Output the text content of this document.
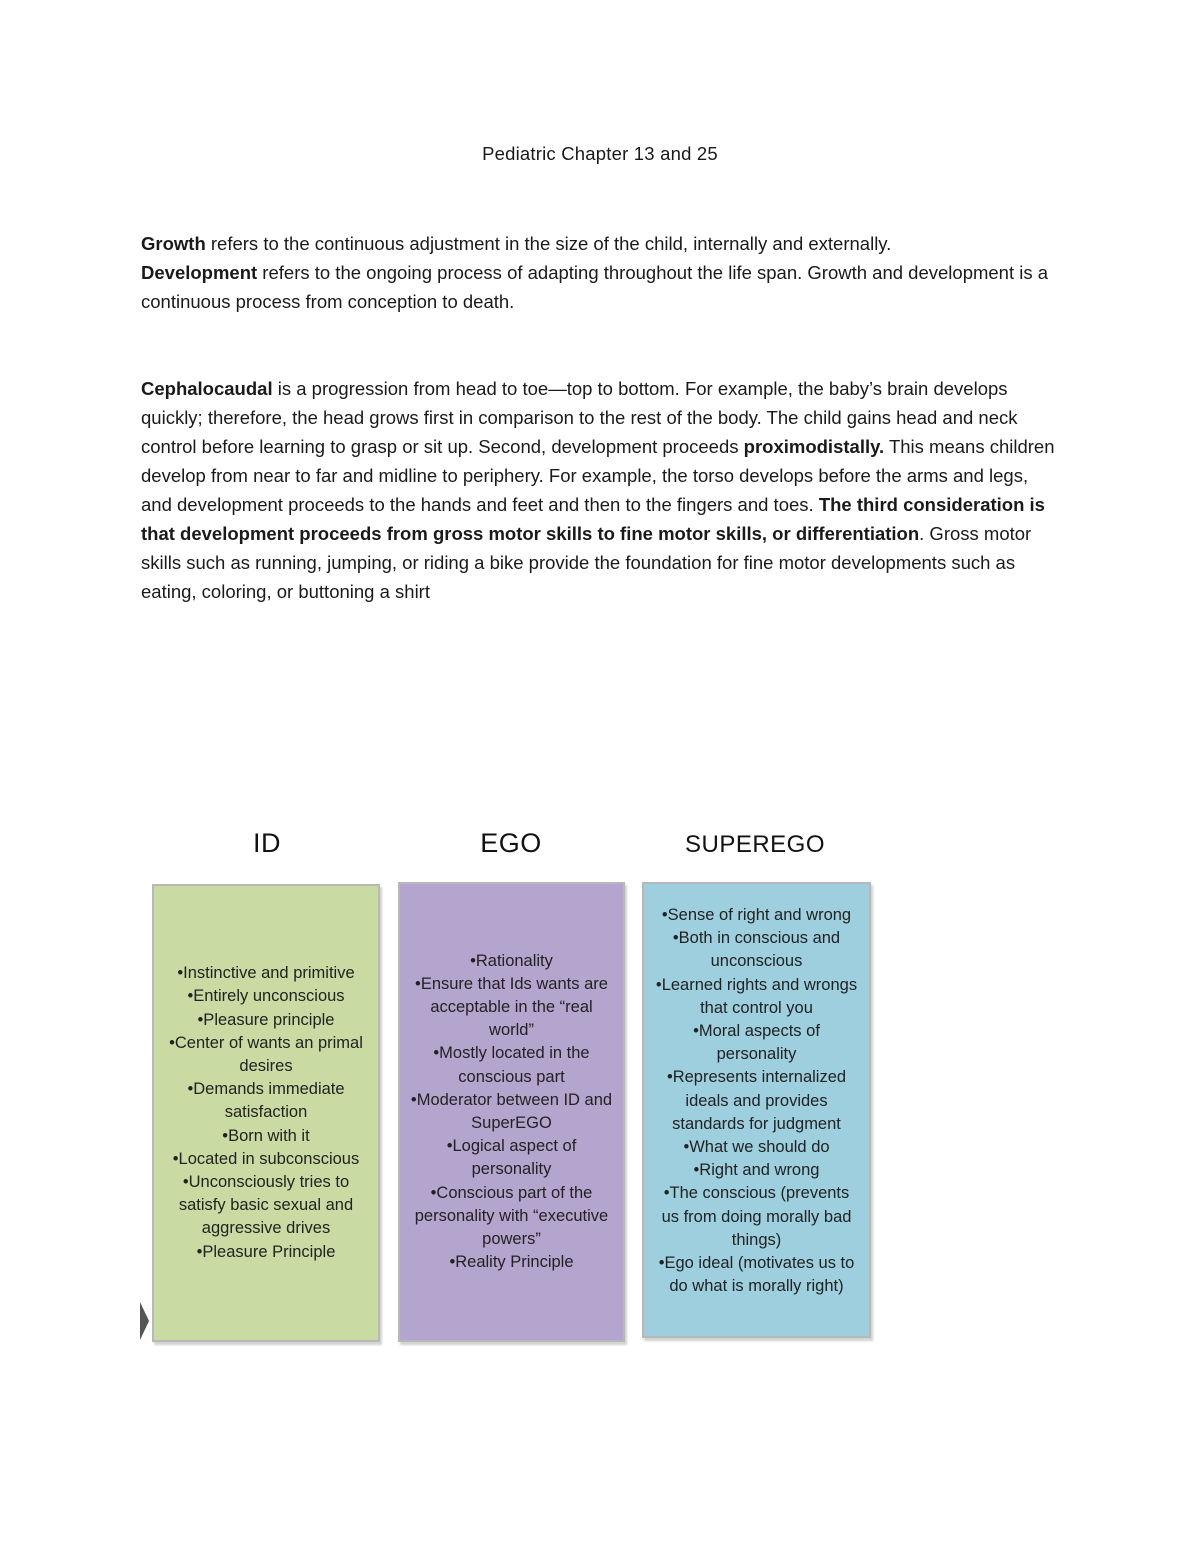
Pediatric Chapter 13 and 25

Growth refers to the continuous adjustment in the size of the child, internally and externally.
Development refers to the ongoing process of adapting throughout the life span. Growth and development is a continuous process from conception to death.

Cephalocaudal is a progression from head to toe—top to bottom. For example, the baby’s brain develops quickly; therefore, the head grows first in comparison to the rest of the body. The child gains head and neck control before learning to grasp or sit up. Second, development proceeds proximodistally. This means children develop from near to far and midline to periphery. For example, the torso develops before the arms and legs, and development proceeds to the hands and feet and then to the fingers and toes. The third consideration is that development proceeds from gross motor skills to fine motor skills, or differentiation. Gross motor skills such as running, jumping, or riding a bike provide the foundation for fine motor developments such as eating, coloring, or buttoning a shirt

ID	EGO	SUPEREGO
•Instinctive and primitive
•Entirely unconscious
•Pleasure principle
•Center of wants an primal desires
•Demands immediate satisfaction
•Born with it
•Located in subconscious
•Unconsciously tries to satisfy basic sexual and aggressive drives
•Pleasure Principle
•Rationality
•Ensure that Ids wants are acceptable in the “real world”
•Mostly located in the conscious part
•Moderator between ID and SuperEGO
•Logical aspect of personality
•Conscious part of the personality with “executive powers”
•Reality Principle
•Sense of right and wrong
•Both in conscious and unconscious
•Learned rights and wrongs that control you
•Moral aspects of personality
•Represents internalized ideals and provides standards for judgment
•What we should do
•Right and wrong
•The conscious (prevents us from doing morally bad things)
•Ego ideal (motivates us to do what is morally right)
